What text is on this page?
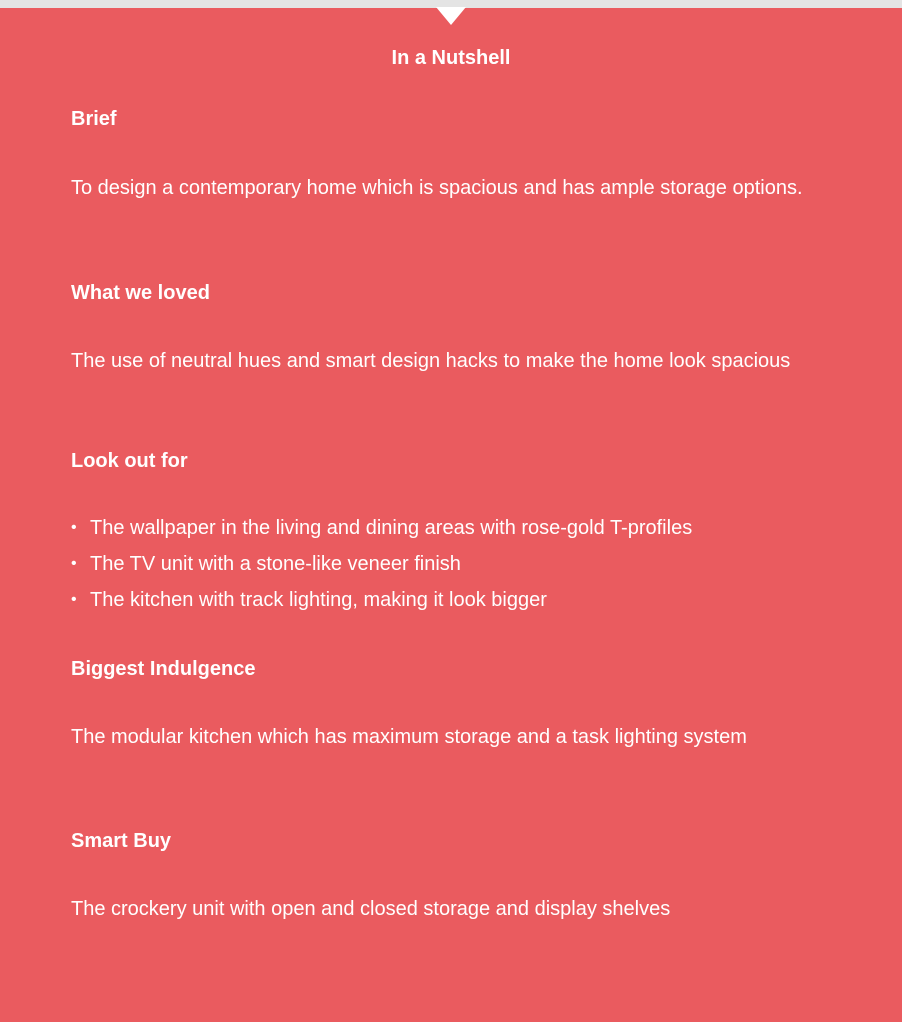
In a Nutshell
Brief

To design a contemporary home which is spacious and has ample storage options.

What we loved

The use of neutral hues and smart design hacks to make the home look spacious

Look out for
• The wallpaper in the living and dining areas with rose-gold T-profiles
• The TV unit with a stone-like veneer finish
• The kitchen with track lighting, making it look bigger
Biggest Indulgence

The modular kitchen which has maximum storage and a task lighting system

Smart Buy

The crockery unit with open and closed storage and display shelves
